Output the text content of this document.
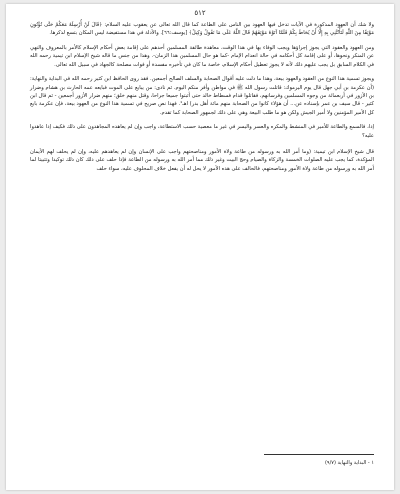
٥١٢

ولا شك أن العهود المذكورة في الآيات تدخل فيها العهود بين الناس على الطاعة كما قال الله تعالى عن يعقوب عليه السلام: ﴿قَالَ لَنْ أُرْسِلَهُ مَعَكُمْ حَتَّى تُؤْتُونِ مَوْثِقًا مِنَ اللَّهِ لَتَأْتُنَّنِي بِهِ إِلَّا أَنْ يُحَاطَ بِكُمْ فَلَمَّا آتَوْهُ مَوْثِقَهُمْ قَالَ اللَّهُ عَلَى مَا نَقُولُ وَكِيلٌ﴾ [يوسف:٦٦]. والأدلة في هذا مستفيضة ليس المكان بتسع لذكرها.

ومن العهود والعقود التي يجوز إجراؤها ويجب الوفاء بها في هذا الوقت، معاهدة طائفة المسلمين أحدهم على إقامة بعض أحكام الإسلام كالأمر بالمعروف والنهي عن المنكر ونحوها، أو على إقامة كل أحكامه في حالة انعدام الإمام -كما هو حال المسلمين هذا الزمان-. وهذا من جنس ما قاله شيخ الإسلام ابن تيمية رحمه الله في الكلام السابق بل يجب عليهم ذلك لأنه لا يجوز تعطيل أحكام الإسلام، خاصة ما كان في تأخيره مفسدة أو فوات مصلحة كالجهاد في سبيل الله تعالى.

ويجوز تسمية هذا النوع من العقود والعهود بيعة، وهذا ما دلت عليه أقوال الصحابة والسلف الصالح أجمعين. فقد روى الحافظ ابن كثير رحمه الله في البداية والنهاية: (أن عكرمة بن أبي جهل قال يوم اليرموك: قاتلت رسول الله ﷺ في مواطن وأفر منكم اليوم. ثم نادى: من يبايع على الموت فبايعه عمه الحارث بن هشام وضرار بن الأزور في أربعمائة من وجوه المسلمين وفرسانهم، فقاتلوا قدام فسطاط خالد حتى أثبتوا جميعا جراحا، وقتل منهم خلق؛ منهم ضرار الأزور أجمعين - ثم قال ابن كثير - قال سيف بن عمر بإسناده عن... أن هؤلاء كانوا من الصحابة منهم ماثة أهل بدر) اهـ¹. فهذا نص صريح في تسمية هذا النوع من العهود بيعة، فإن عكرمة بايع كل الأمير المؤمنين ولا أمير الجيش ولكن هو ما طلب البيعة وهي على ذلك لجمهور الصحابة كما تقدم.

إذا، فالسمع والطاعة للأمير في المنشط والمكره والعسر واليسر في غير ما معصية حسب الاستطاعة، واجب وإن لم يعاهده المجاهدون على ذلك فكيف إذا عاهدوا عليه؟

قال شيخ الإسلام ابن تيمية: (وما أمر الله به ورسوله من طاعة ولاة الأمور ومناصحتهم واجب على الإنسان وإن لم يعاهدهم عليه، وإن لم يحلف لهم الأيمان المؤكدة، كما يجب عليه الصلوات الخمسة والزكاة والصيام وحج البيت وغير ذلك مما أمر الله به ورسوله من الطاعة فإذا حلف على ذلك كان ذلك توكيدا وتثبيتا لما أمر الله به ورسوله من طاعة ولاة الأمور ومناصحتهم، فالحالف على هذه الأمور لا يحل له أن يفعل خلاف المحلوف عليه، سواء حلف

١ - البداية والنهاية (٩/٧)
